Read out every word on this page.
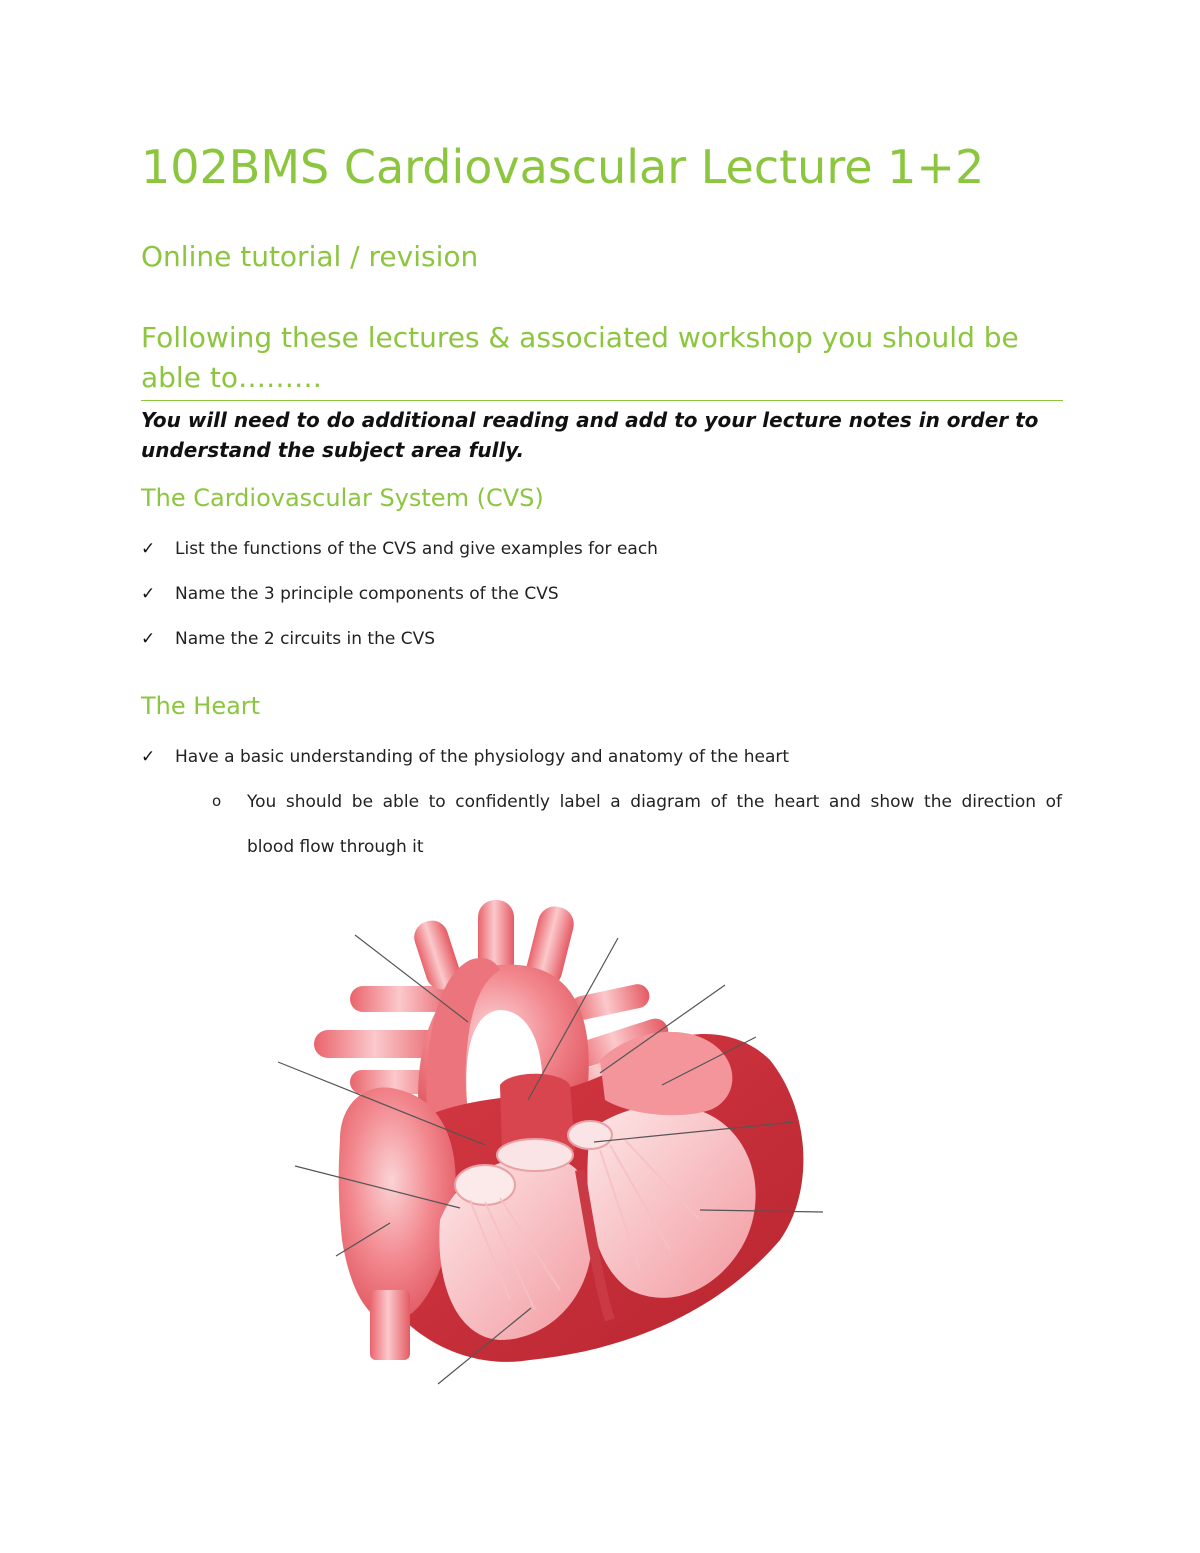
102BMS Cardiovascular Lecture 1+2
Online tutorial / revision
Following these lectures & associated workshop you should be able to………

You will need to do additional reading and add to your lecture notes in order to understand the subject area fully.

The Cardiovascular System (CVS)
✓ List the functions of the CVS and give examples for each
✓ Name the 3 principle components of the CVS
✓ Name the 2 circuits in the CVS
The Heart
✓ Have a basic understanding of the physiology and anatomy of the heart
o You should be able to confidently label a diagram of the heart and show the direction of
blood flow through it
